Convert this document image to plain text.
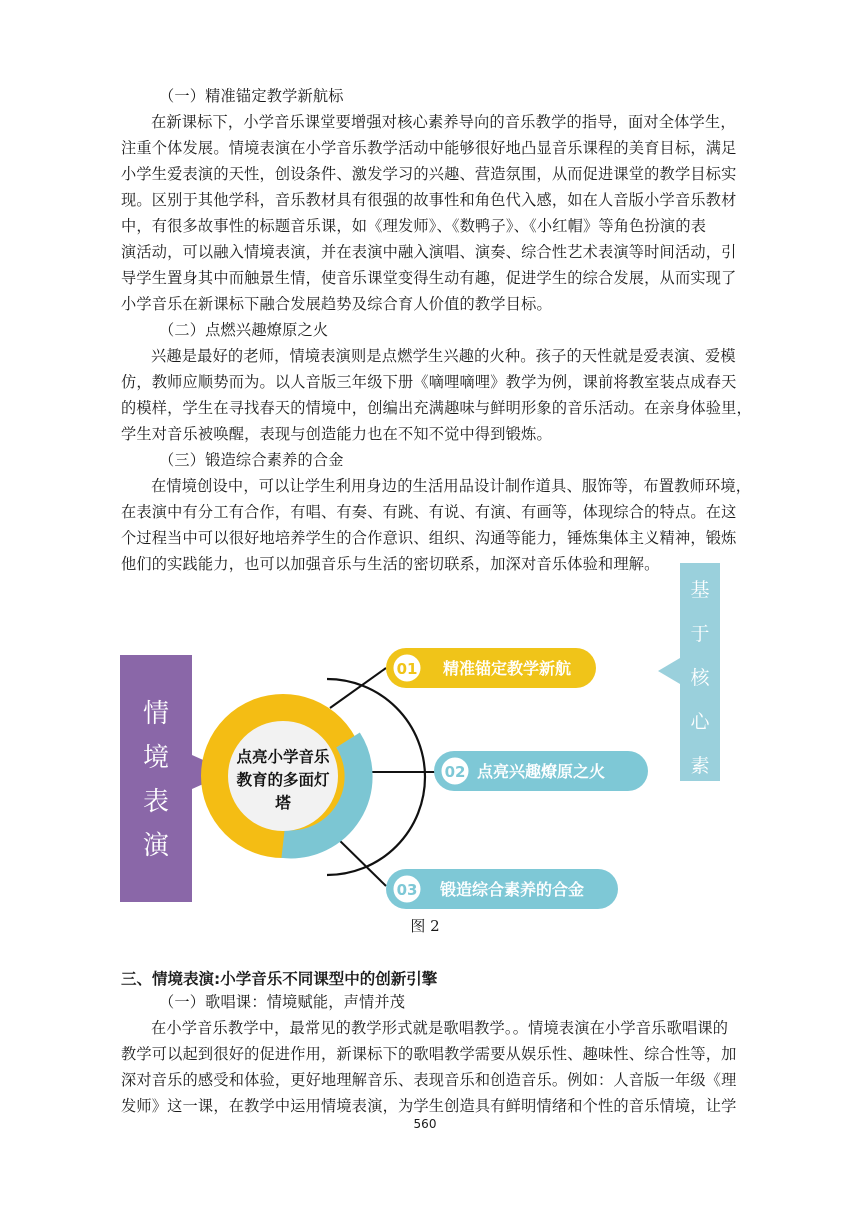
（一）精准锚定教学新航标
在新课标下，小学音乐课堂要增强对核心素养导向的音乐教学的指导，面对全体学生，
注重个体发展。情境表演在小学音乐教学活动中能够很好地凸显音乐课程的美育目标，满足
小学生爱表演的天性，创设条件、激发学习的兴趣、营造氛围，从而促进课堂的教学目标实
现。区别于其他学科，音乐教材具有很强的故事性和角色代入感，如在人音版小学音乐教材
中，有很多故事性的标题音乐课，如《理发师》、《数鸭子》、《小红帽》等角色扮演的表
演活动，可以融入情境表演，并在表演中融入演唱、演奏、综合性艺术表演等时间活动，引
导学生置身其中而触景生情，使音乐课堂变得生动有趣，促进学生的综合发展，从而实现了
小学音乐在新课标下融合发展趋势及综合育人价值的教学目标。
（二）点燃兴趣燎原之火
兴趣是最好的老师，情境表演则是点燃学生兴趣的火种。孩子的天性就是爱表演、爱模
仿，教师应顺势而为。以人音版三年级下册《嘀哩嘀哩》教学为例，课前将教室装点成春天
的模样，学生在寻找春天的情境中，创编出充满趣味与鲜明形象的音乐活动。在亲身体验里，
学生对音乐被唤醒，表现与创造能力也在不知不觉中得到锻炼。
（三）锻造综合素养的合金
在情境创设中，可以让学生利用身边的生活用品设计制作道具、服饰等，布置教师环境，
在表演中有分工有合作，有唱、有奏、有跳、有说、有演、有画等，体现综合的特点。在这
个过程当中可以很好地培养学生的合作意识、组织、沟通等能力，锤炼集体主义精神，锻炼
他们的实践能力，也可以加强音乐与生活的密切联系，加深对音乐体验和理解。
基
于
核
心
素
情
境
表
演
点亮小学音乐
教育的多面灯
塔
01 精准锚定教学新航
02 点亮兴趣燎原之火
03 锻造综合素养的合金
图 2
三、情境表演:小学音乐不同课型中的创新引擎
（一）歌唱课：情境赋能，声情并茂
在小学音乐教学中，最常见的教学形式就是歌唱教学。。情境表演在小学音乐歌唱课的
教学可以起到很好的促进作用，新课标下的歌唱教学需要从娱乐性、趣味性、综合性等，加
深对音乐的感受和体验，更好地理解音乐、表现音乐和创造音乐。例如：人音版一年级《理
发师》这一课，在教学中运用情境表演，为学生创造具有鲜明情绪和个性的音乐情境，让学
560
